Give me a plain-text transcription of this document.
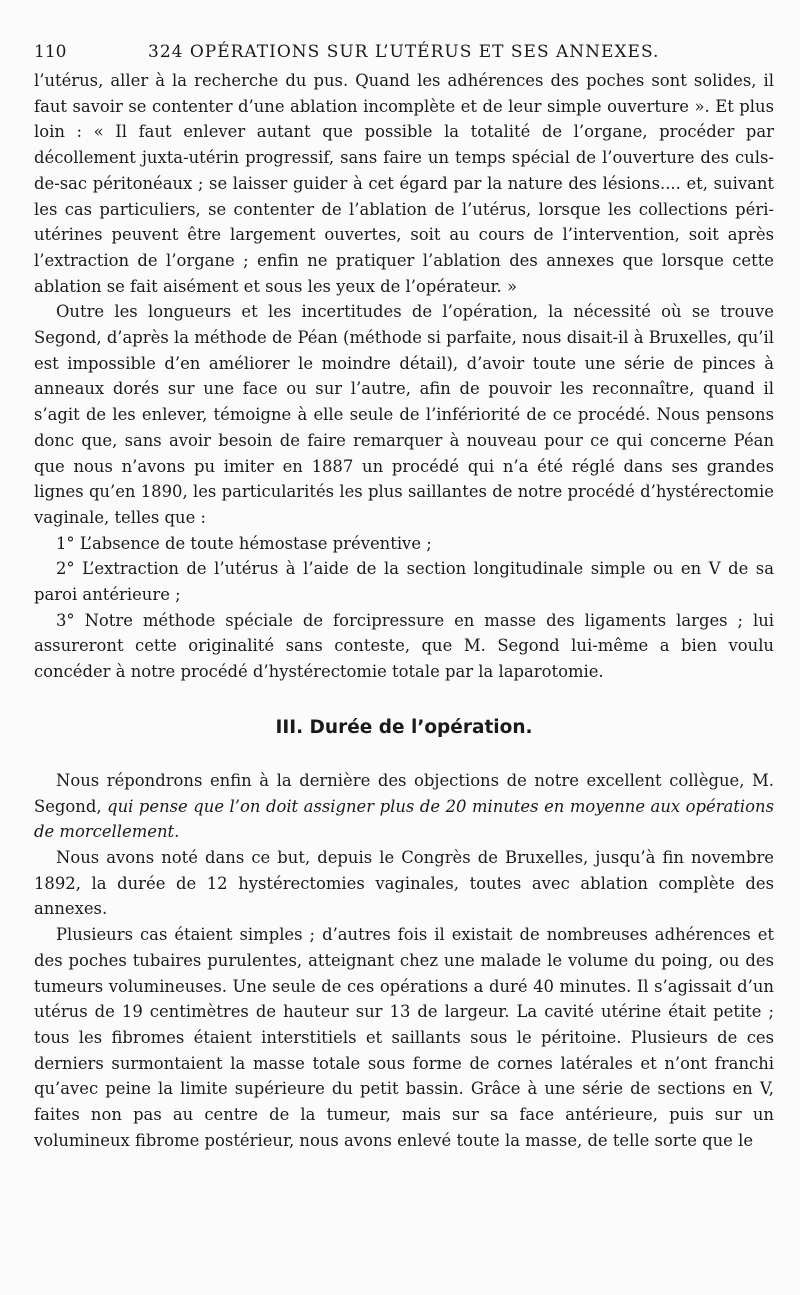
110	324 OPÉRATIONS SUR L’UTÉRUS ET SES ANNEXES.

l’utérus, aller à la recherche du pus. Quand les adhérences des poches sont solides, il faut savoir se contenter d’une ablation incomplète et de leur simple ouverture ». Et plus loin : « Il faut enlever autant que possible la totalité de l’organe, procéder par décollement juxta-utérin progressif, sans faire un temps spécial de l’ouverture des culs-de-sac péritonéaux ; se laisser guider à cet égard par la nature des lésions.... et, suivant les cas particuliers, se contenter de l’ablation de l’utérus, lorsque les collections péri-utérines peuvent être largement ouvertes, soit au cours de l’intervention, soit après l’extraction de l’organe ; enfin ne pratiquer l’ablation des annexes que lorsque cette ablation se fait aisément et sous les yeux de l’opérateur. »

Outre les longueurs et les incertitudes de l’opération, la nécessité où se trouve Segond, d’après la méthode de Péan (méthode si parfaite, nous disait-il à Bruxelles, qu’il est impossible d’en améliorer le moindre détail), d’avoir toute une série de pinces à anneaux dorés sur une face ou sur l’autre, afin de pouvoir les reconnaître, quand il s’agit de les enlever, témoigne à elle seule de l’infériorité de ce procédé. Nous pensons donc que, sans avoir besoin de faire remarquer à nouveau pour ce qui concerne Péan que nous n’avons pu imiter en 1887 un procédé qui n’a été réglé dans ses grandes lignes qu’en 1890, les particularités les plus saillantes de notre procédé d’hystérectomie vaginale, telles que :

1° L’absence de toute hémostase préventive ;

2° L’extraction de l’utérus à l’aide de la section longitudinale simple ou en V de sa paroi antérieure ;

3° Notre méthode spéciale de forcipressure en masse des ligaments larges ; lui assureront cette originalité sans conteste, que M. Segond lui-même a bien voulu concéder à notre procédé d’hystérectomie totale par la laparotomie.

III. Durée de l’opération.

Nous répondrons enfin à la dernière des objections de notre excellent collègue, M. Segond, qui pense que l’on doit assigner plus de 20 minutes en moyenne aux opérations de morcellement.

Nous avons noté dans ce but, depuis le Congrès de Bruxelles, jusqu’à fin novembre 1892, la durée de 12 hystérectomies vaginales, toutes avec ablation complète des annexes.

Plusieurs cas étaient simples ; d’autres fois il existait de nombreuses adhérences et des poches tubaires purulentes, atteignant chez une malade le volume du poing, ou des tumeurs volumineuses. Une seule de ces opérations a duré 40 minutes. Il s’agissait d’un utérus de 19 centimètres de hauteur sur 13 de largeur. La cavité utérine était petite ; tous les fibromes étaient interstitiels et saillants sous le péritoine. Plusieurs de ces derniers surmontaient la masse totale sous forme de cornes latérales et n’ont franchi qu’avec peine la limite supérieure du petit bassin. Grâce à une série de sections en V, faites non pas au centre de la tumeur, mais sur sa face antérieure, puis sur un volumineux fibrome postérieur, nous avons enlevé toute la masse, de telle sorte que le
